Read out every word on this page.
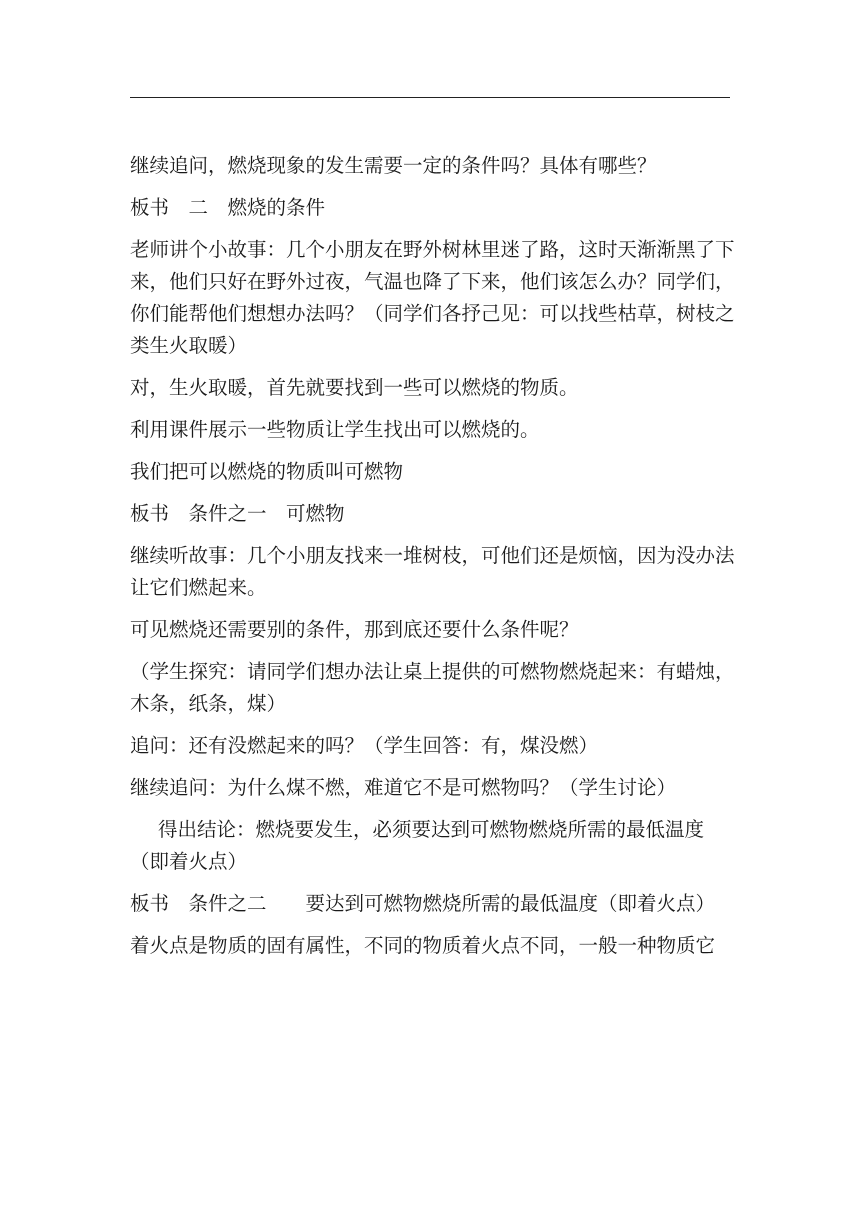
继续追问，燃烧现象的发生需要一定的条件吗？具体有哪些？

板书　二　燃烧的条件

老师讲个小故事：几个小朋友在野外树林里迷了路，这时天渐渐黑了下来，他们只好在野外过夜，气温也降了下来，他们该怎么办？同学们，你们能帮他们想想办法吗？（同学们各抒己见：可以找些枯草，树枝之类生火取暖）

对，生火取暖，首先就要找到一些可以燃烧的物质。

利用课件展示一些物质让学生找出可以燃烧的。

我们把可以燃烧的物质叫可燃物

板书　条件之一　可燃物

继续听故事：几个小朋友找来一堆树枝，可他们还是烦恼，因为没办法让它们燃起来。

可见燃烧还需要别的条件，那到底还要什么条件呢？

（学生探究：请同学们想办法让桌上提供的可燃物燃烧起来：有蜡烛，木条，纸条，煤）

追问：还有没燃起来的吗？（学生回答：有，煤没燃）

继续追问：为什么煤不燃，难道它不是可燃物吗？（学生讨论）

得出结论：燃烧要发生，必须要达到可燃物燃烧所需的最低温度（即着火点）

板书　条件之二　　要达到可燃物燃烧所需的最低温度（即着火点）

着火点是物质的固有属性，不同的物质着火点不同，一般一种物质它
